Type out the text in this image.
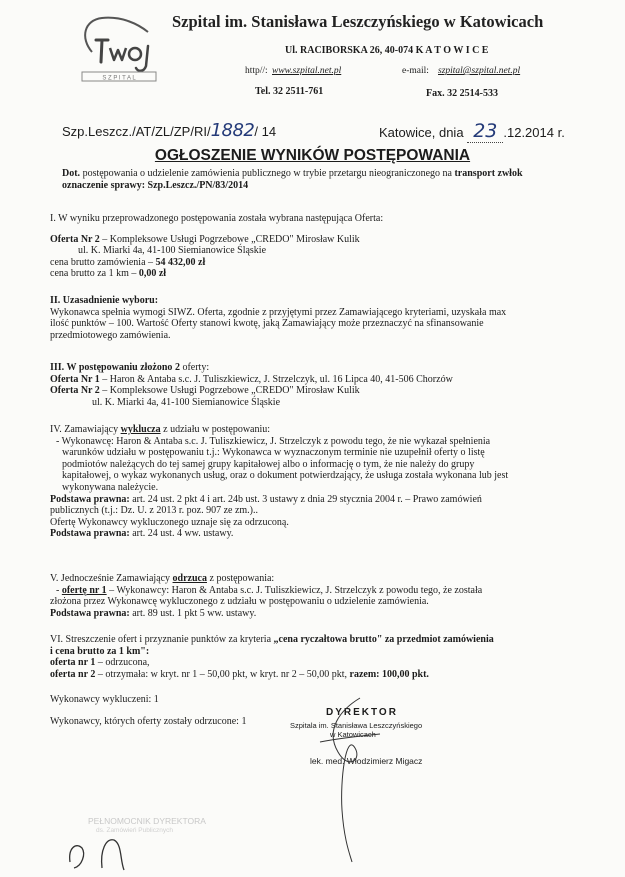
S Z P I T A L
Szpital im. Stanisława Leszczyńskiego w Katowicach
Ul. RACIBORSKA 26, 40-074 K A T O W I C E
http//: www.szpital.net.pl	e-mail: szpital@szpital.net.pl
Tel. 32 2511-761	Fax. 32 2514-533
Szp.Leszcz./AT/ZL/ZP/RI/1882/ 14	Katowice, dnia 23 .12.2014 r.
OGŁOSZENIE WYNIKÓW POSTĘPOWANIA
Dot. postępowania o udzielenie zamówienia publicznego w trybie przetargu nieograniczonego na transport zwłok
oznaczenie sprawy: Szp.Leszcz./PN/83/2014
I. W wyniku przeprowadzonego postępowania została wybrana następująca Oferta:
Oferta Nr 2 – Kompleksowe Usługi Pogrzebowe „CREDO" Mirosław Kulik
ul. K. Miarki 4a, 41-100 Siemianowice Śląskie
cena brutto zamówienia – 54 432,00 zł
cena brutto za 1 km – 0,00 zł
II. Uzasadnienie wyboru:
Wykonawca spełnia wymogi SIWZ. Oferta, zgodnie z przyjętymi przez Zamawiającego kryteriami, uzyskała max
ilość punktów – 100. Wartość Oferty stanowi kwotę, jaką Zamawiający może przeznaczyć na sfinansowanie
przedmiotowego zamówienia.
III. W postępowaniu złożono 2 oferty:
Oferta Nr 1 – Haron & Antaba s.c. J. Tuliszkiewicz, J. Strzelczyk, ul. 16 Lipca 40, 41-506 Chorzów
Oferta Nr 2 – Kompleksowe Usługi Pogrzebowe „CREDO" Mirosław Kulik
ul. K. Miarki 4a, 41-100 Siemianowice Śląskie
IV. Zamawiający wyklucza z udziału w postępowaniu:
- Wykonawcę: Haron & Antaba s.c. J. Tuliszkiewicz, J. Strzelczyk z powodu tego, że nie wykazał spełnienia
warunków udziału w postępowaniu t.j.: Wykonawca w wyznaczonym terminie nie uzupełnił oferty o listę
podmiotów należących do tej samej grupy kapitałowej albo o informację o tym, że nie należy do grupy
kapitałowej, o wykaz wykonanych usług, oraz o dokument potwierdzający, że usługa została wykonana lub jest
wykonywana należycie.
Podstawa prawna: art. 24 ust. 2 pkt 4 i art. 24b ust. 3 ustawy z dnia 29 stycznia 2004 r. – Prawo zamówień
publicznych (t.j.: Dz. U. z 2013 r. poz. 907 ze zm.)..
Ofertę Wykonawcy wykluczonego uznaje się za odrzuconą.
Podstawa prawna: art. 24 ust. 4 ww. ustawy.
V. Jednocześnie Zamawiający odrzuca z postępowania:
- ofertę nr 1 – Wykonawcy: Haron & Antaba s.c. J. Tuliszkiewicz, J. Strzelczyk z powodu tego, że została
złożona przez Wykonawcę wykluczonego z udziału w postępowaniu o udzielenie zamówienia.
Podstawa prawna: art. 89 ust. 1 pkt 5 ww. ustawy.
VI. Streszczenie ofert i przyznanie punktów za kryteria „cena ryczałtowa brutto" za przedmiot zamówienia
i cena brutto za 1 km":
oferta nr 1 – odrzucona,
oferta nr 2 – otrzymała: w kryt. nr 1 – 50,00 pkt, w kryt. nr 2 – 50,00 pkt, razem: 100,00 pkt.
Wykonawcy wykluczeni: 1
Wykonawcy, których oferty zostały odrzucone: 1
DYREKTOR
Szpitala im. Stanisława Leszczyńskiego
w Katowicach
lek. med. Włodzimierz Migacz
PEŁNOMOCNIK DYREKTORA
ds. Zamówień Publicznych
